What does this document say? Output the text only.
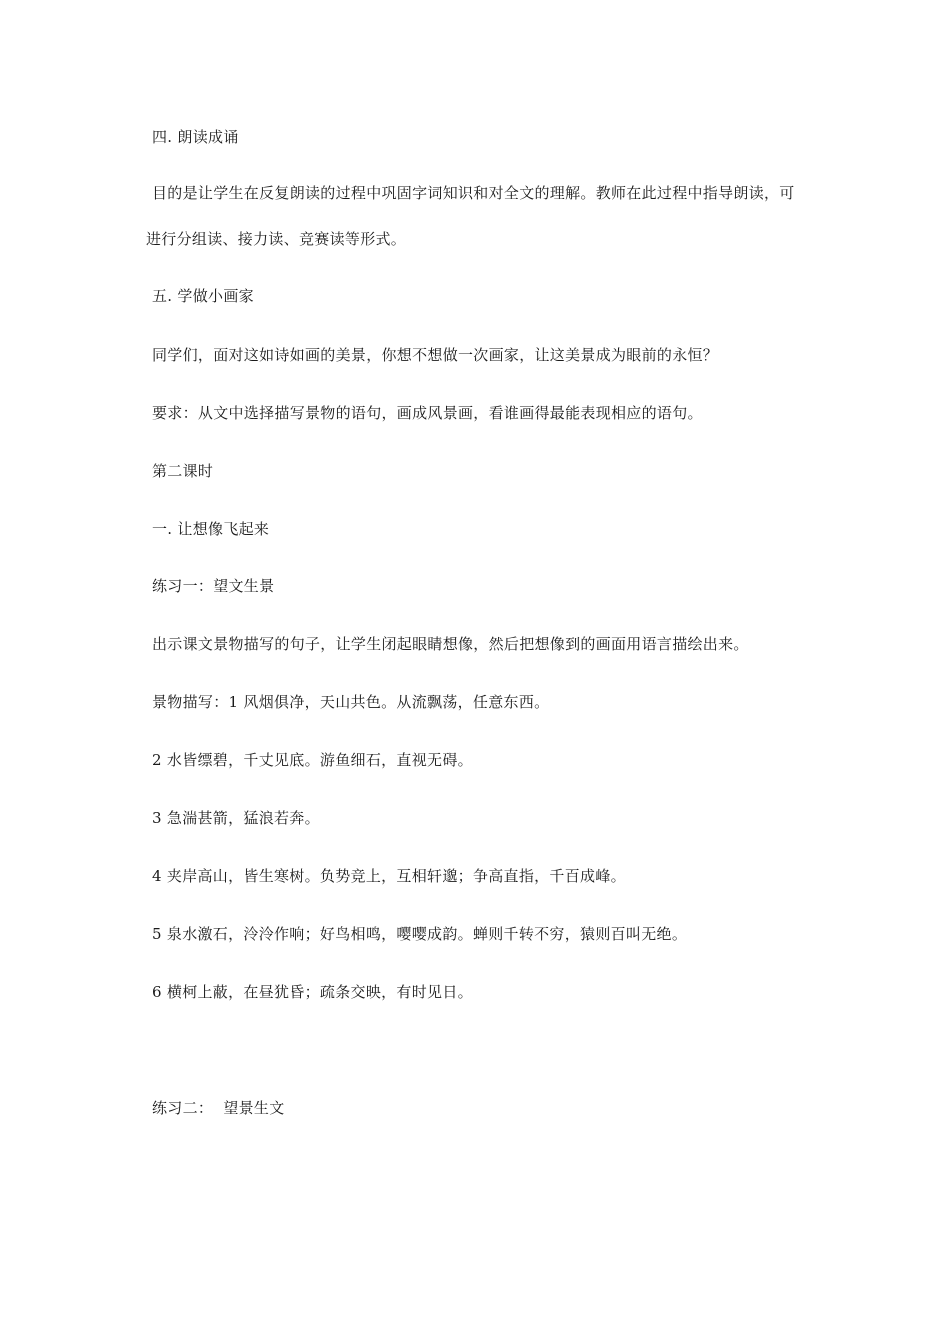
四. 朗读成诵
目的是让学生在反复朗读的过程中巩固字词知识和对全文的理解。教师在此过程中指导朗读，可进行分组读、接力读、竞赛读等形式。
五. 学做小画家
同学们，面对这如诗如画的美景，你想不想做一次画家，让这美景成为眼前的永恒？
要求：从文中选择描写景物的语句，画成风景画，看谁画得最能表现相应的语句。
第二课时
一. 让想像飞起来
练习一：望文生景
出示课文景物描写的句子，让学生闭起眼睛想像，然后把想像到的画面用语言描绘出来。
景物描写：1 风烟俱净，天山共色。从流飘荡，任意东西。
2 水皆缥碧，千丈见底。游鱼细石，直视无碍。
3 急湍甚箭，猛浪若奔。
4 夹岸高山，皆生寒树。负势竞上，互相轩邈；争高直指，千百成峰。
5 泉水激石，泠泠作响；好鸟相鸣，嘤嘤成韵。蝉则千转不穷，猿则百叫无绝。
6 横柯上蔽，在昼犹昏；疏条交映，有时见日。
练习二：  望景生文
